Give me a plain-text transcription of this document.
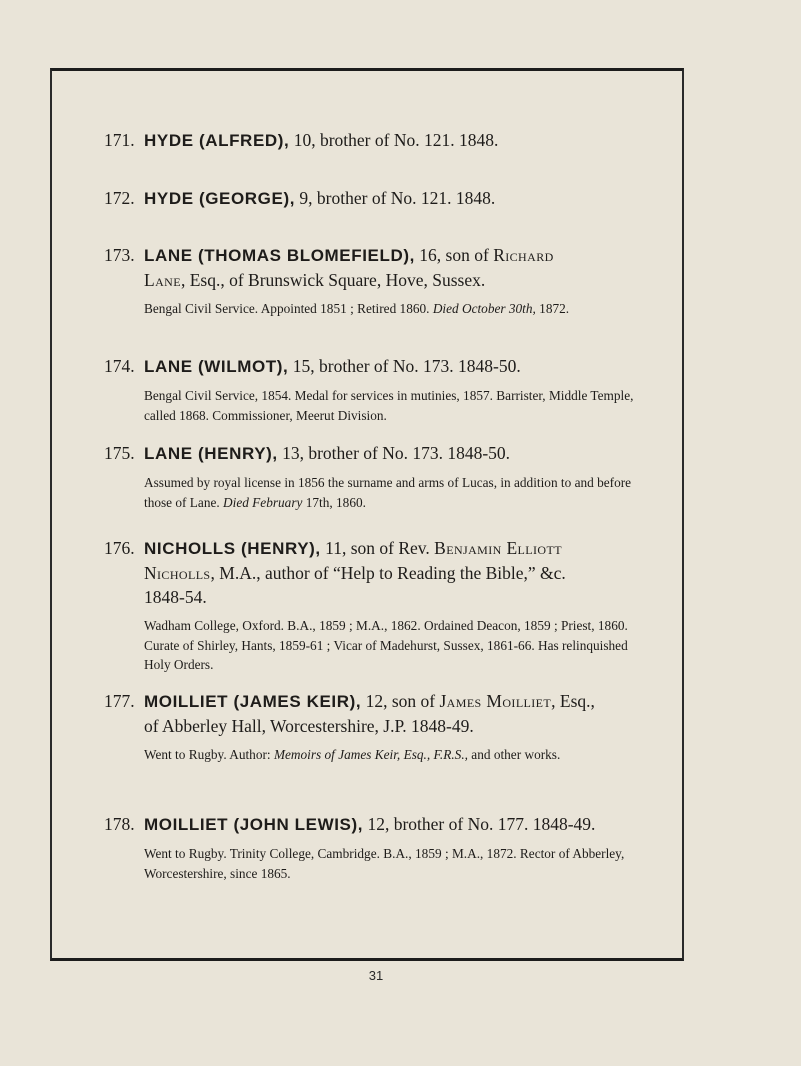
171. HYDE (ALFRED), 10, brother of No. 121. 1848.
172. HYDE (GEORGE), 9, brother of No. 121. 1848.
173. LANE (THOMAS BLOMEFIELD), 16, son of Richard
Lane, Esq., of Brunswick Square, Hove, Sussex.
Bengal Civil Service. Appointed 1851 ; Retired 1860. Died October 30th, 1872.
174. LANE (WILMOT), 15, brother of No. 173. 1848-50.
Bengal Civil Service, 1854. Medal for services in mutinies, 1857. Barrister, Middle Temple, called 1868. Commissioner, Meerut Division.
175. LANE (HENRY), 13, brother of No. 173. 1848-50.
Assumed by royal license in 1856 the surname and arms of Lucas, in addition to and before those of Lane. Died February 17th, 1860.
176. NICHOLLS (HENRY), 11, son of Rev. Benjamin Elliott
Nicholls, M.A., author of “Help to Reading the Bible,” &c.
1848-54.
Wadham College, Oxford. B.A., 1859 ; M.A., 1862. Ordained Deacon, 1859 ; Priest, 1860. Curate of Shirley, Hants, 1859-61 ; Vicar of Madehurst, Sussex, 1861-66. Has relinquished Holy Orders.
177. MOILLIET (JAMES KEIR), 12, son of James Moilliet, Esq.,
of Abberley Hall, Worcestershire, J.P. 1848-49.
Went to Rugby. Author: Memoirs of James Keir, Esq., F.R.S., and other works.
178. MOILLIET (JOHN LEWIS), 12, brother of No. 177. 1848-49.
Went to Rugby. Trinity College, Cambridge. B.A., 1859 ; M.A., 1872. Rector of Abberley, Worcestershire, since 1865.
31
